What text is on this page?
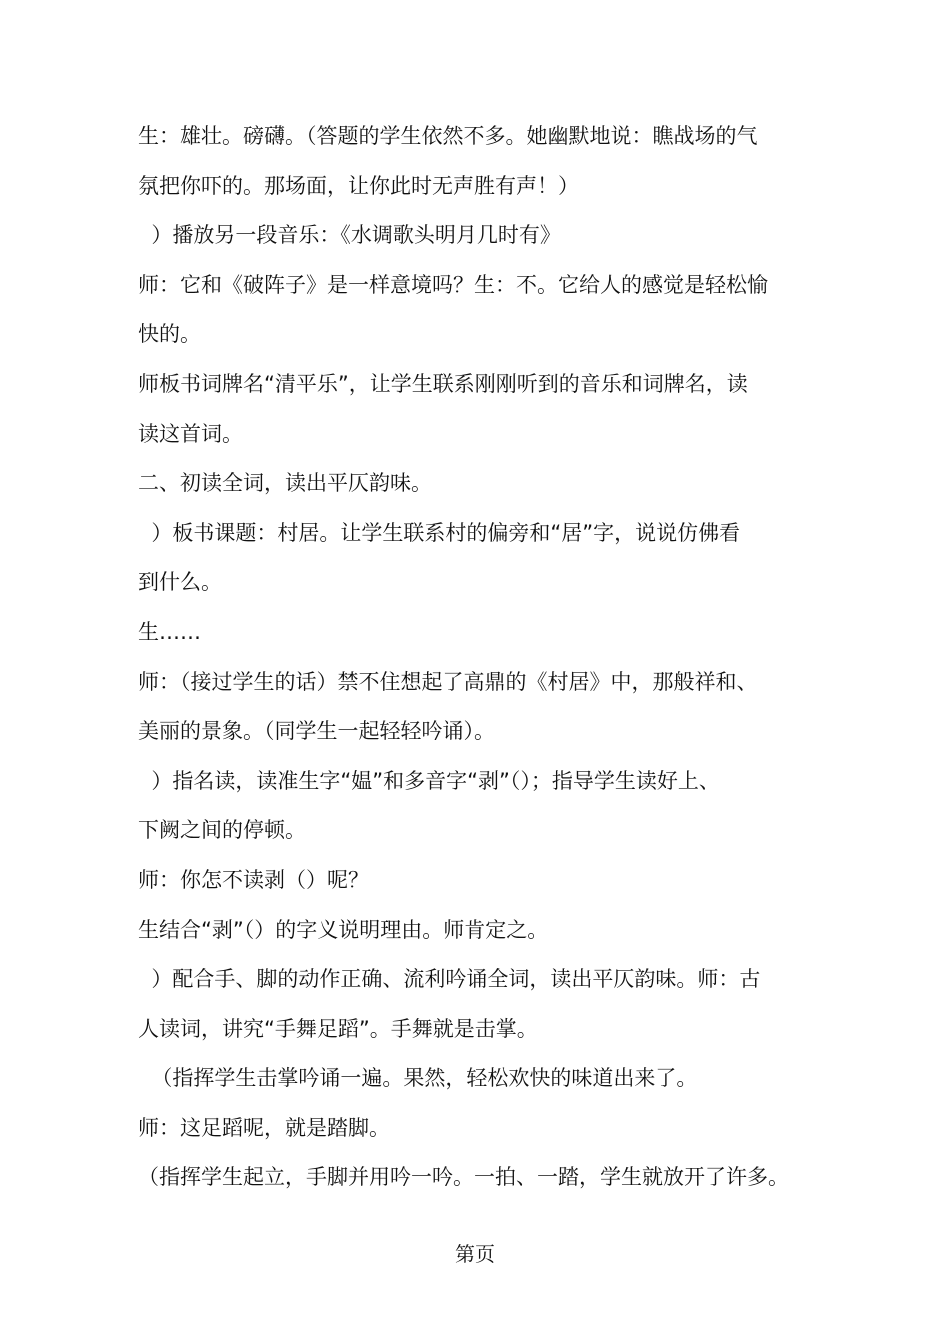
生：雄壮。磅礴。（答题的学生依然不多。她幽默地说：瞧战场的气
氛把你吓的。那场面，让你此时无声胜有声！）
）播放另一段音乐：《水调歌头明月几时有》
师：它和《破阵子》是一样意境吗？生：不。它给人的感觉是轻松愉
快的。
师板书词牌名“清平乐”，让学生联系刚刚听到的音乐和词牌名，读
读这首词。
二、初读全词，读出平仄韵味。
）板书课题：村居。让学生联系村的偏旁和“居”字，说说仿佛看
到什么。
生……
师：（接过学生的话）禁不住想起了高鼎的《村居》中，那般祥和、
美丽的景象。（同学生一起轻轻吟诵）。
）指名读，读准生字“媪”和多音字“剥”（）；指导学生读好上、
下阙之间的停顿。
师：你怎不读剥（）呢？
生结合“剥”（）的字义说明理由。师肯定之。
）配合手、脚的动作正确、流利吟诵全词，读出平仄韵味。师：古
人读词，讲究“手舞足蹈”。手舞就是击掌。
（指挥学生击掌吟诵一遍。果然，轻松欢快的味道出来了。
师：这足蹈呢，就是踏脚。
（指挥学生起立，手脚并用吟一吟。一拍、一踏，学生就放开了许多。
第页
